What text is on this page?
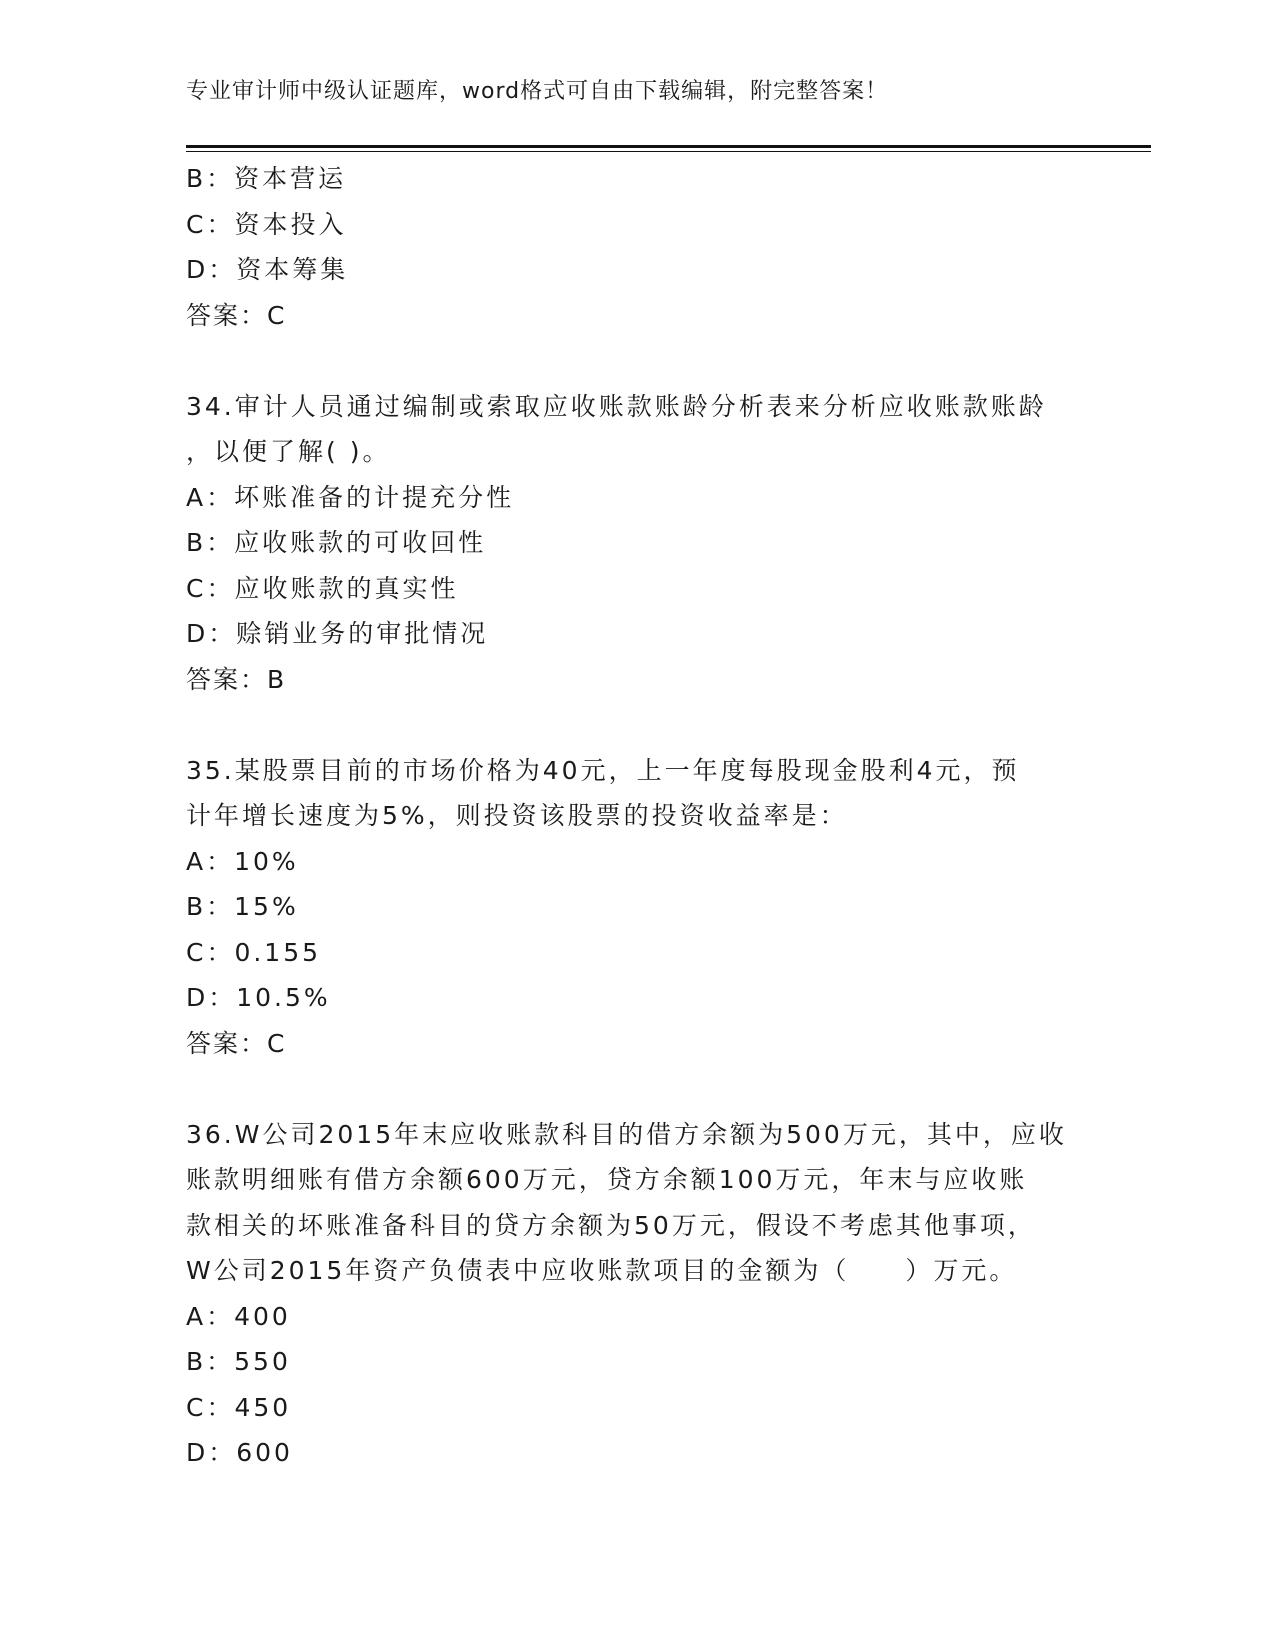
专业审计师中级认证题库，word格式可自由下载编辑，附完整答案！
B：资本营运
C：资本投入
D：资本筹集
答案：C
34.审计人员通过编制或索取应收账款账龄分析表来分析应收账款账龄
，以便了解( )。
A：坏账准备的计提充分性
B：应收账款的可收回性
C：应收账款的真实性
D：赊销业务的审批情况
答案：B
35.某股票目前的市场价格为40元，上一年度每股现金股利4元，预
计年增长速度为5%，则投资该股票的投资收益率是：
A：10%
B：15%
C：0.155
D：10.5%
答案：C
36.W公司2015年末应收账款科目的借方余额为500万元，其中，应收
账款明细账有借方余额600万元，贷方余额100万元，年末与应收账
款相关的坏账准备科目的贷方余额为50万元，假设不考虑其他事项，
W公司2015年资产负债表中应收账款项目的金额为（　　）万元。
A：400
B：550
C：450
D：600
